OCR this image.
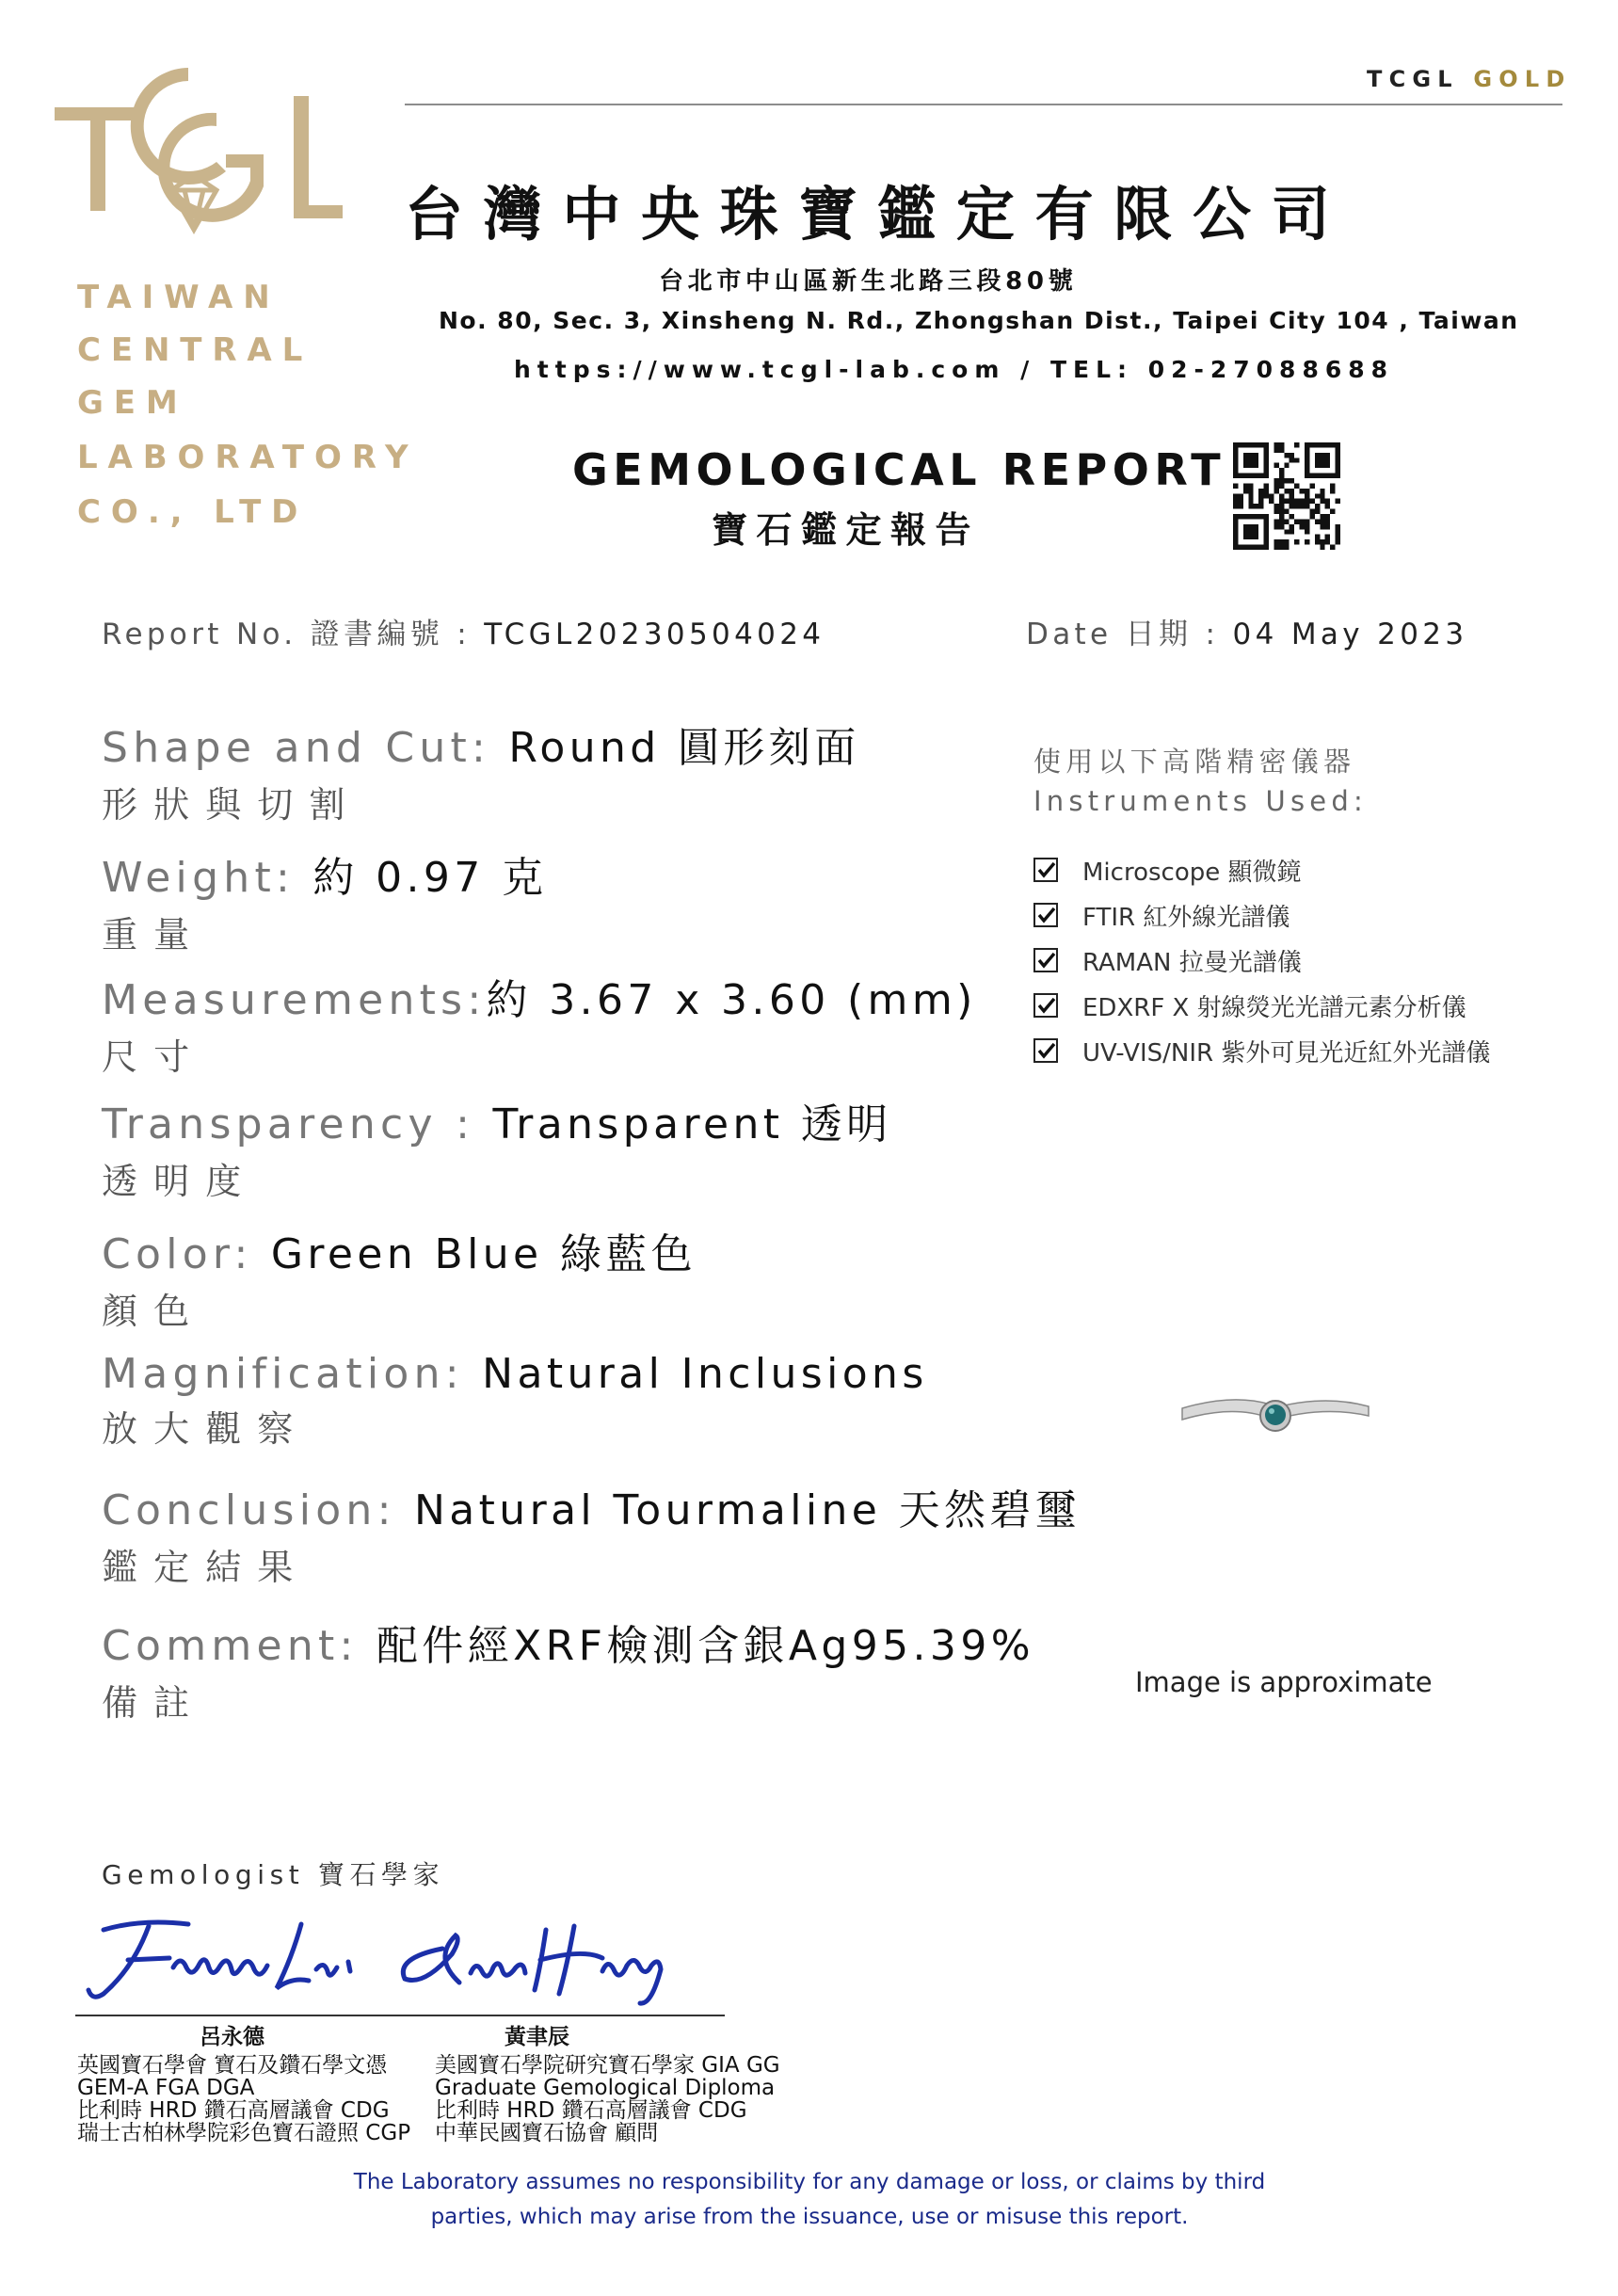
TCGL GOLD
TAIWAN
CENTRAL
GEM
LABORATORY
CO., LTD
台灣中央珠寶鑑定有限公司
台北市中山區新生北路三段80號
No. 80, Sec. 3, Xinsheng N. Rd., Zhongshan Dist., Taipei City 104 , Taiwan
https://www.tcgl-lab.com / TEL: 02-27088688
GEMOLOGICAL REPORT
寶石鑑定報告
Report No. 證書編號 : TCGL20230504024	Date 日期 : 04 May 2023
Shape and Cut: Round 圓形刻面
形狀與切割
Weight: 約 0.97 克
重量
Measurements:約 3.67 x 3.60 (mm)
尺寸
Transparency : Transparent 透明
透明度
Color: Green Blue 綠藍色
顏色
Magnification: Natural Inclusions
放大觀察
Conclusion: Natural Tourmaline 天然碧璽
鑑定結果
Comment: 配件經XRF檢測含銀Ag95.39%
備註
使用以下高階精密儀器
Instruments Used:
Microscope 顯微鏡
FTIR 紅外線光譜儀
RAMAN 拉曼光譜儀
EDXRF X 射線熒光光譜元素分析儀
UV-VIS/NIR 紫外可見光近紅外光譜儀
Image is approximate
Gemologist 寶石學家
呂永德
英國寶石學會 寶石及鑽石學文憑
GEM-A FGA DGA
比利時 HRD 鑽石高層議會 CDG
瑞士古柏林學院彩色寶石證照 CGP
黃聿辰
美國寶石學院研究寶石學家 GIA GG
Graduate Gemological Diploma
比利時 HRD 鑽石高層議會 CDG
中華民國寶石協會 顧問
The Laboratory assumes no responsibility for any damage or loss, or claims by third
parties, which may arise from the issuance, use or misuse this report.
